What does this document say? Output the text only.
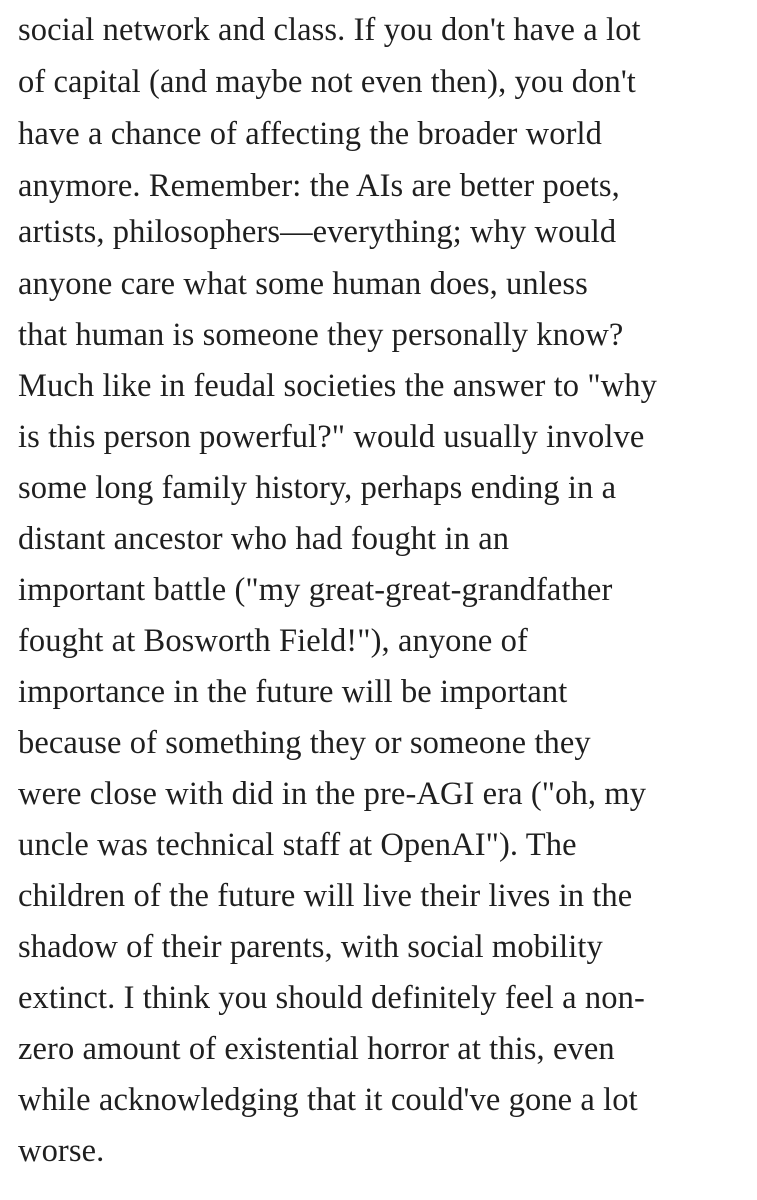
social network and class. If you don't have a lot
of capital (and maybe not even then), you don't
have a chance of affecting the broader world
anymore. Remember: the AIs are better poets,
artists, philosophers—everything; why would
anyone care what some human does, unless
that human is someone they personally know?
Much like in feudal societies the answer to "why
is this person powerful?" would usually involve
some long family history, perhaps ending in a
distant ancestor who had fought in an
important battle ("my great-great-grandfather
fought at Bosworth Field!"), anyone of
importance in the future will be important
because of something they or someone they
were close with did in the pre-AGI era ("oh, my
uncle was technical staff at OpenAI"). The
children of the future will live their lives in the
shadow of their parents, with social mobility
extinct. I think you should definitely feel a non-
zero amount of existential horror at this, even
while acknowledging that it could've gone a lot
worse.
